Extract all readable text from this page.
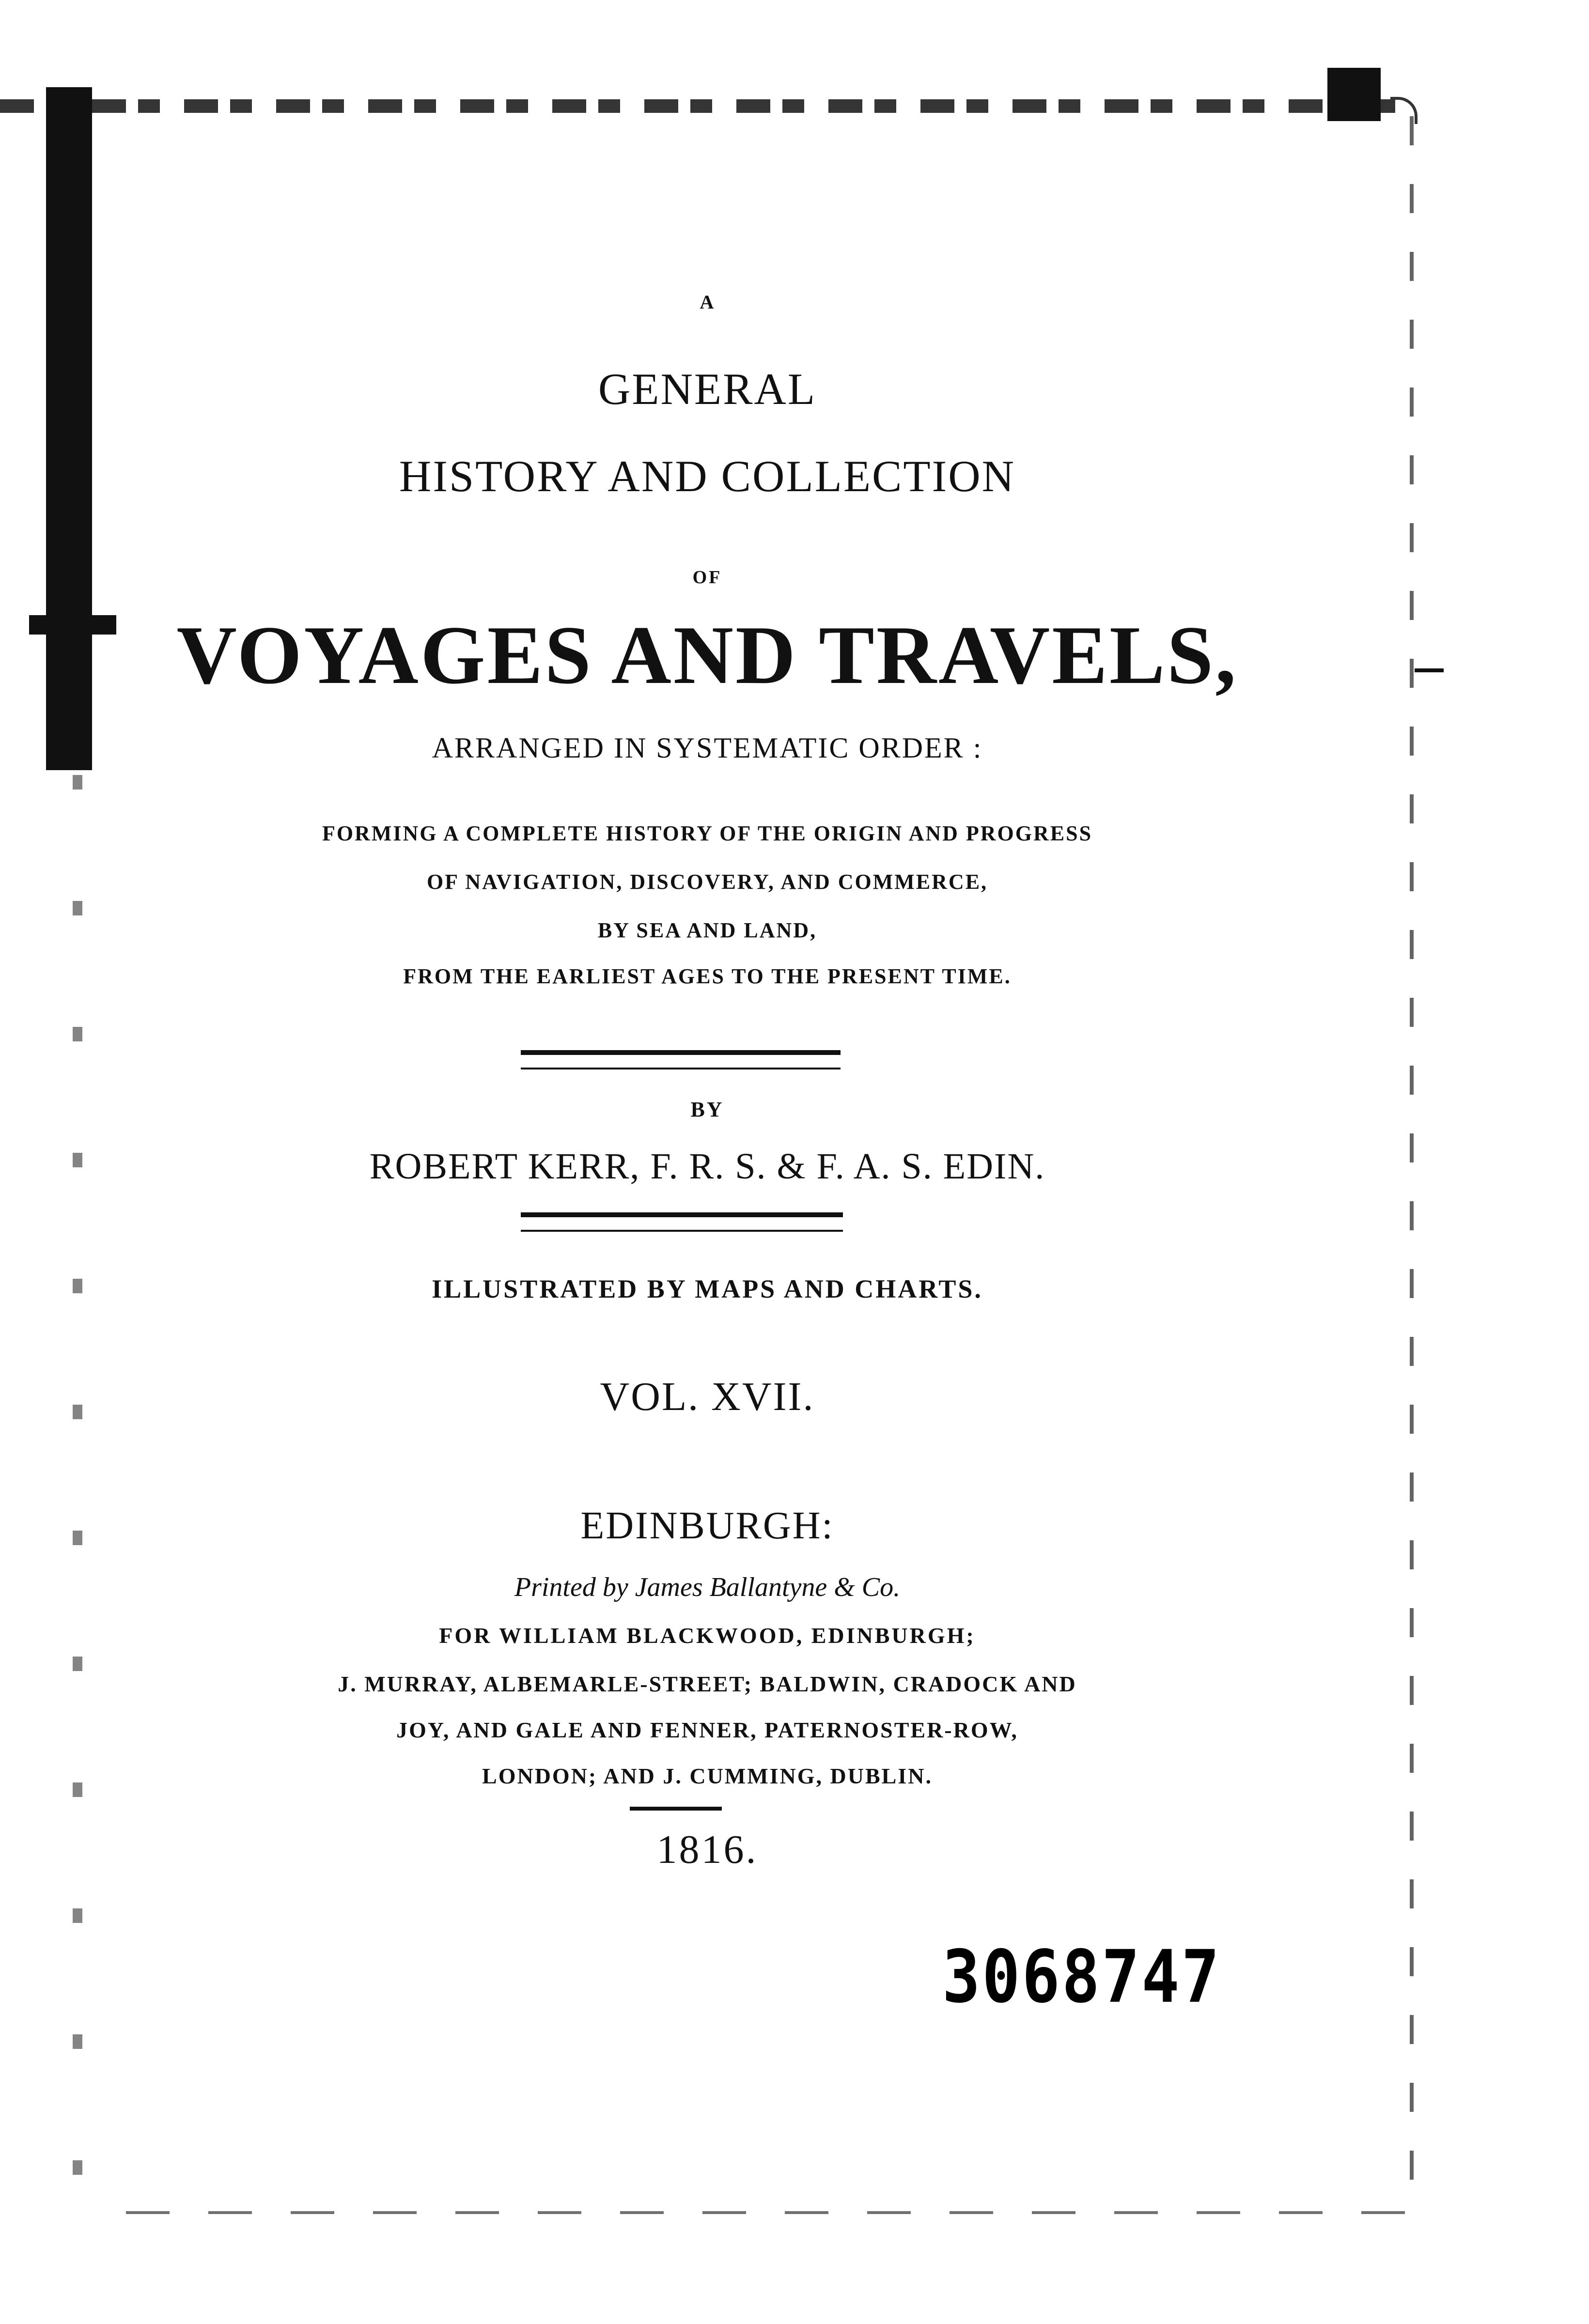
A
GENERAL
HISTORY AND COLLECTION
OF
VOYAGES AND TRAVELS,
ARRANGED IN SYSTEMATIC ORDER :
FORMING A COMPLETE HISTORY OF THE ORIGIN AND PROGRESS
OF NAVIGATION, DISCOVERY, AND COMMERCE,
BY SEA AND LAND,
FROM THE EARLIEST AGES TO THE PRESENT TIME.
BY
ROBERT KERR, F. R. S. & F. A. S. EDIN.
ILLUSTRATED BY MAPS AND CHARTS.
VOL. XVII.
EDINBURGH:
Printed by James Ballantyne & Co.
FOR WILLIAM BLACKWOOD, EDINBURGH;
J. MURRAY, ALBEMARLE-STREET; BALDWIN, CRADOCK AND
JOY, AND GALE AND FENNER, PATERNOSTER-ROW,
LONDON; AND J. CUMMING, DUBLIN.
1816.
3068747
